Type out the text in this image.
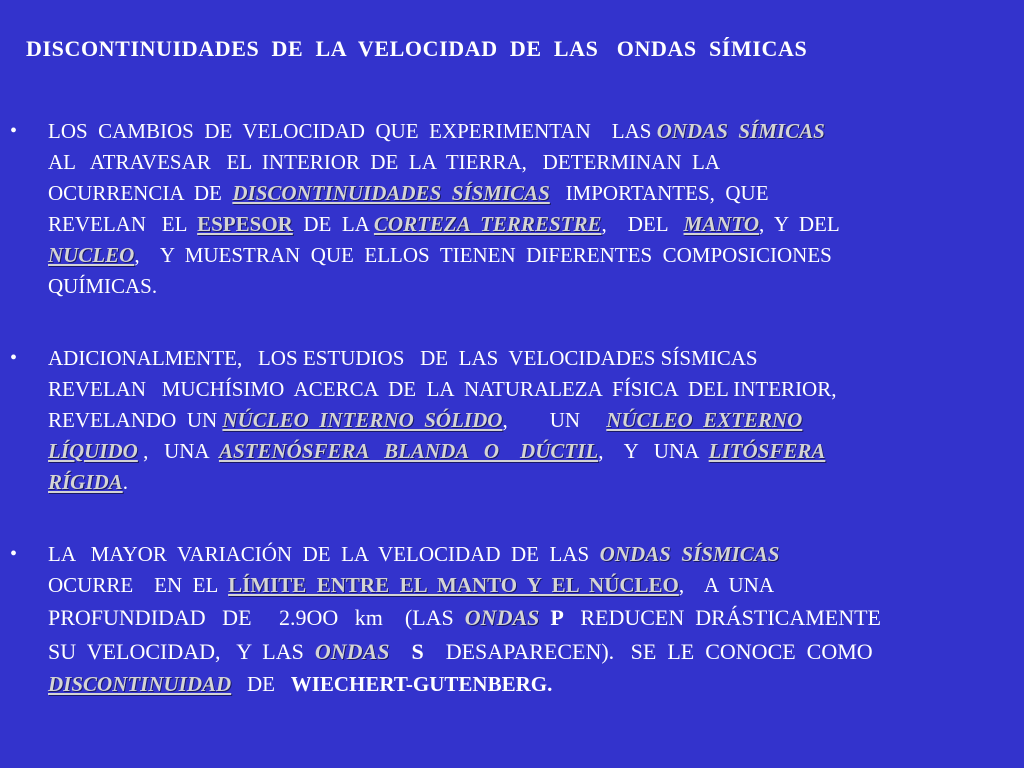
DISCONTINUIDADES  DE  LA  VELOCIDAD  DE  LAS   ONDAS  SÍMICAS
• LOS  CAMBIOS  DE  VELOCIDAD  QUE  EXPERIMENTAN    LAS ONDAS  SÍMICAS
AL   ATRAVESAR   EL  INTERIOR  DE  LA  TIERRA,   DETERMINAN  LA
OCURRENCIA  DE  DISCONTINUIDADES  SÍSMICAS   IMPORTANTES,  QUE
REVELAN   EL  ESPESOR  DE  LA CORTEZA  TERRESTRE,    DEL   MANTO,  Y  DEL
NUCLEO,    Y  MUESTRAN  QUE  ELLOS  TIENEN  DIFERENTES  COMPOSICIONES
QUÍMICAS.
• ADICIONALMENTE,   LOS ESTUDIOS   DE  LAS  VELOCIDADES SÍSMICAS
REVELAN   MUCHÍSIMO  ACERCA  DE  LA  NATURALEZA  FÍSICA  DEL INTERIOR,
REVELANDO  UN NÚCLEO  INTERNO  SÓLIDO,        UN     NÚCLEO  EXTERNO
LÍQUIDO ,   UNA  ASTENÓSFERA   BLANDA   O    DÚCTIL,    Y   UNA  LITÓSFERA
RÍGIDA.
• LA   MAYOR  VARIACIÓN  DE  LA  VELOCIDAD  DE  LAS  ONDAS  SÍSMICAS
OCURRE    EN  EL  LÍMITE  ENTRE  EL  MANTO  Y  EL  NÚCLEO,    A  UNA
PROFUNDIDAD   DE     2.9OO   km    (LAS  ONDAS P   REDUCEN  DRÁSTICAMENTE
SU  VELOCIDAD,   Y  LAS  ONDAS S    DESAPARECEN).   SE  LE  CONOCE  COMO
DISCONTINUIDAD   DE   WIECHERT-GUTENBERG.
